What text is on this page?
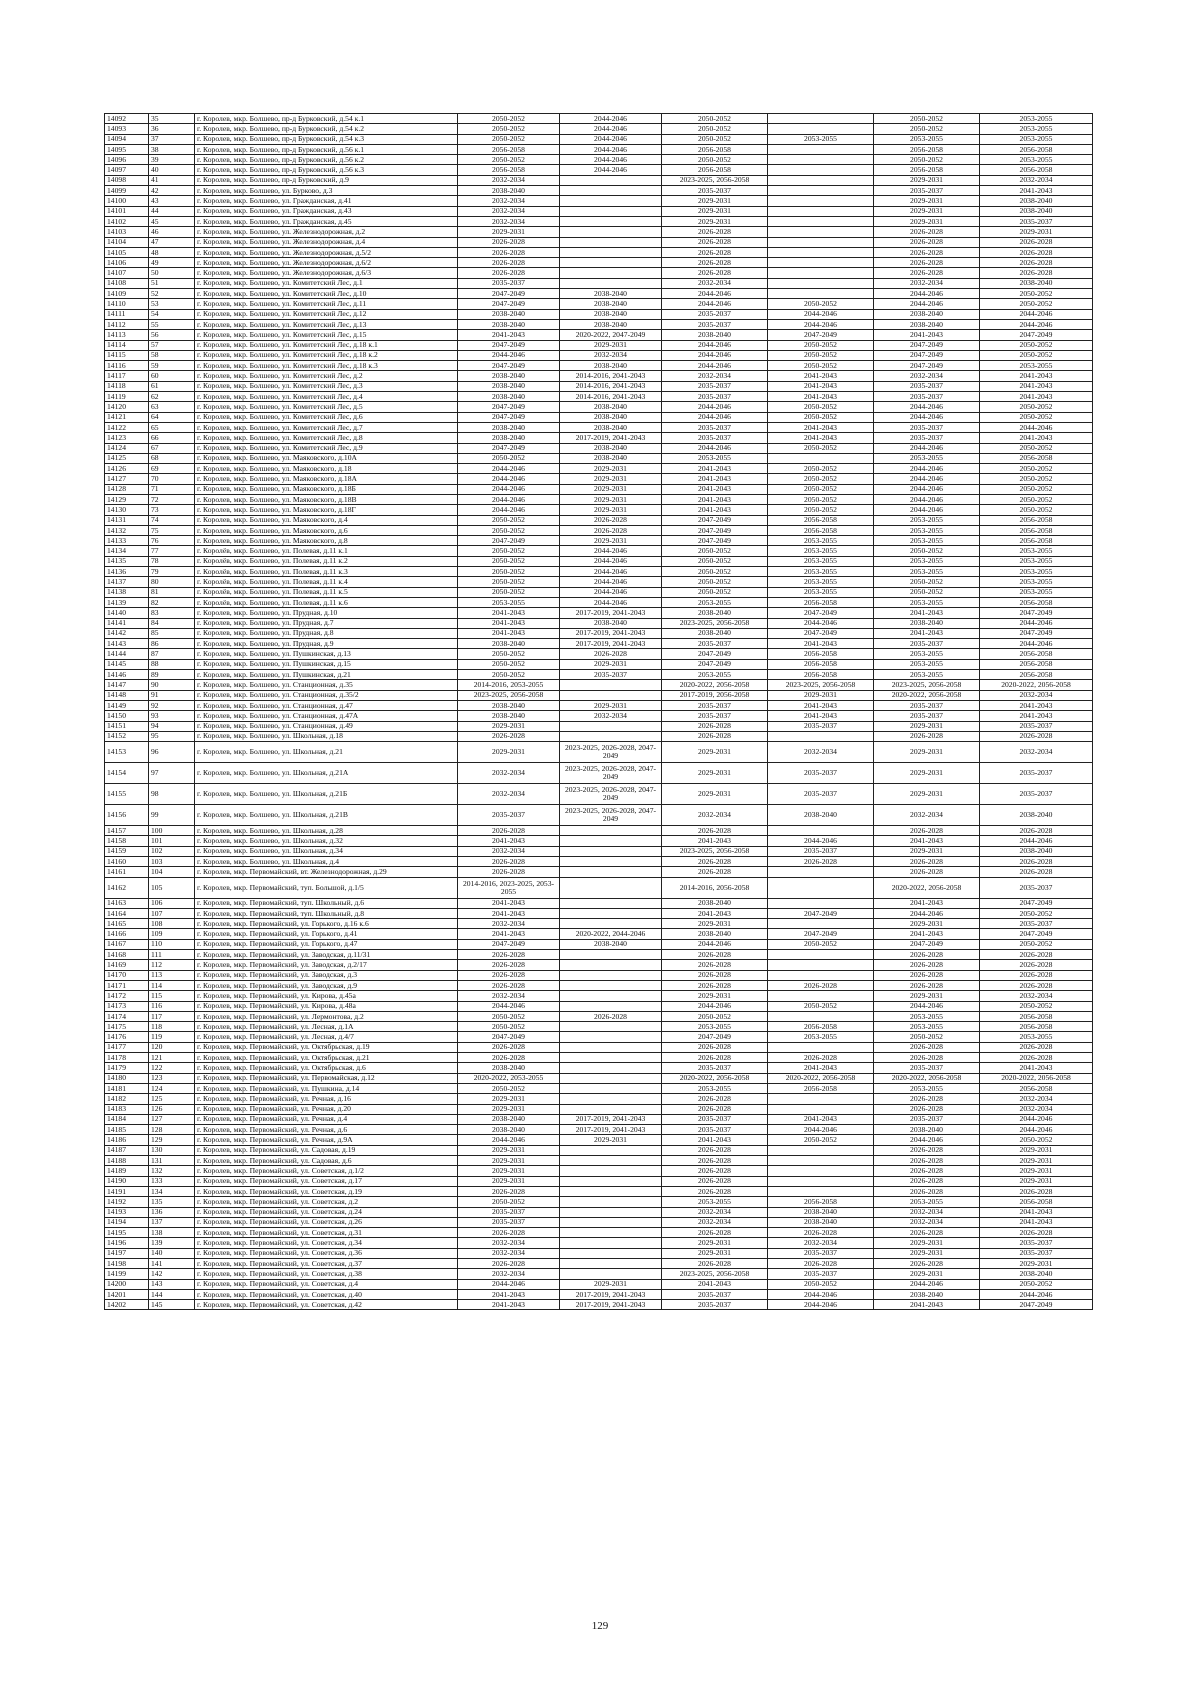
14092	35	г. Королев, мкр. Болшево, пр-д Бурковский, д.54 к.1	2050-2052	2044-2046	2050-2052		2050-2052	2053-2055
14093	36	г. Королев, мкр. Болшево, пр-д Бурковский, д.54 к.2	2050-2052	2044-2046	2050-2052		2050-2052	2053-2055
14094	37	г. Королев, мкр. Болшево, пр-д Бурковский, д.54 к.3	2050-2052	2044-2046	2050-2052	2053-2055	2053-2055	2053-2055
14095	38	г. Королев, мкр. Болшево, пр-д Бурковский, д.56 к.1	2056-2058	2044-2046	2056-2058		2056-2058	2056-2058
14096	39	г. Королев, мкр. Болшево, пр-д Бурковский, д.56 к.2	2050-2052	2044-2046	2050-2052		2050-2052	2053-2055
14097	40	г. Королев, мкр. Болшево, пр-д Бурковский, д.56 к.3	2056-2058	2044-2046	2056-2058		2056-2058	2056-2058
14098	41	г. Королев, мкр. Болшево, пр-д Бурковский, д.9	2032-2034		2023-2025, 2056-2058		2029-2031	2032-2034
14099	42	г. Королев, мкр. Болшево, ул. Бурково, д.3	2038-2040		2035-2037		2035-2037	2041-2043
14100	43	г. Королев, мкр. Болшево, ул. Гражданская, д.41	2032-2034		2029-2031		2029-2031	2038-2040
14101	44	г. Королев, мкр. Болшево, ул. Гражданская, д.43	2032-2034		2029-2031		2029-2031	2038-2040
14102	45	г. Королев, мкр. Болшево, ул. Гражданская, д.45	2032-2034		2029-2031		2029-2031	2035-2037
14103	46	г. Королев, мкр. Болшево, ул. Железнодорожная, д.2	2029-2031		2026-2028		2026-2028	2029-2031
14104	47	г. Королев, мкр. Болшево, ул. Железнодорожная, д.4	2026-2028		2026-2028		2026-2028	2026-2028
14105	48	г. Королев, мкр. Болшево, ул. Железнодорожная, д.5/2	2026-2028		2026-2028		2026-2028	2026-2028
14106	49	г. Королев, мкр. Болшево, ул. Железнодорожная, д.6/2	2026-2028		2026-2028		2026-2028	2026-2028
14107	50	г. Королев, мкр. Болшево, ул. Железнодорожная, д.6/3	2026-2028		2026-2028		2026-2028	2026-2028
14108	51	г. Королев, мкр. Болшево, ул. Комитетский Лес, д.1	2035-2037		2032-2034		2032-2034	2038-2040
14109	52	г. Королев, мкр. Болшево, ул. Комитетский Лес, д.10	2047-2049	2038-2040	2044-2046		2044-2046	2050-2052
14110	53	г. Королев, мкр. Болшево, ул. Комитетский Лес, д.11	2047-2049	2038-2040	2044-2046	2050-2052	2044-2046	2050-2052
14111	54	г. Королев, мкр. Болшево, ул. Комитетский Лес, д.12	2038-2040	2038-2040	2035-2037	2044-2046	2038-2040	2044-2046
14112	55	г. Королев, мкр. Болшево, ул. Комитетский Лес, д.13	2038-2040	2038-2040	2035-2037	2044-2046	2038-2040	2044-2046
14113	56	г. Королев, мкр. Болшево, ул. Комитетский Лес, д.15	2041-2043	2020-2022, 2047-2049	2038-2040	2047-2049	2041-2043	2047-2049
14114	57	г. Королев, мкр. Болшево, ул. Комитетский Лес, д.18 к.1	2047-2049	2029-2031	2044-2046	2050-2052	2047-2049	2050-2052
14115	58	г. Королев, мкр. Болшево, ул. Комитетский Лес, д.18 к.2	2044-2046	2032-2034	2044-2046	2050-2052	2047-2049	2050-2052
14116	59	г. Королев, мкр. Болшево, ул. Комитетский Лес, д.18 к.3	2047-2049	2038-2040	2044-2046	2050-2052	2047-2049	2053-2055
14117	60	г. Королев, мкр. Болшево, ул. Комитетский Лес, д.2	2038-2040	2014-2016, 2041-2043	2032-2034	2041-2043	2032-2034	2041-2043
14118	61	г. Королев, мкр. Болшево, ул. Комитетский Лес, д.3	2038-2040	2014-2016, 2041-2043	2035-2037	2041-2043	2035-2037	2041-2043
14119	62	г. Королев, мкр. Болшево, ул. Комитетский Лес, д.4	2038-2040	2014-2016, 2041-2043	2035-2037	2041-2043	2035-2037	2041-2043
14120	63	г. Королев, мкр. Болшево, ул. Комитетский Лес, д.5	2047-2049	2038-2040	2044-2046	2050-2052	2044-2046	2050-2052
14121	64	г. Королев, мкр. Болшево, ул. Комитетский Лес, д.6	2047-2049	2038-2040	2044-2046	2050-2052	2044-2046	2050-2052
14122	65	г. Королев, мкр. Болшево, ул. Комитетский Лес, д.7	2038-2040	2038-2040	2035-2037	2041-2043	2035-2037	2044-2046
14123	66	г. Королев, мкр. Болшево, ул. Комитетский Лес, д.8	2038-2040	2017-2019, 2041-2043	2035-2037	2041-2043	2035-2037	2041-2043
14124	67	г. Королев, мкр. Болшево, ул. Комитетский Лес, д.9	2047-2049	2038-2040	2044-2046	2050-2052	2044-2046	2050-2052
14125	68	г. Королев, мкр. Болшево, ул. Маяковского, д.10А	2050-2052	2038-2040	2053-2055		2053-2055	2056-2058
14126	69	г. Королев, мкр. Болшево, ул. Маяковского, д.18	2044-2046	2029-2031	2041-2043	2050-2052	2044-2046	2050-2052
14127	70	г. Королев, мкр. Болшево, ул. Маяковского, д.18А	2044-2046	2029-2031	2041-2043	2050-2052	2044-2046	2050-2052
14128	71	г. Королев, мкр. Болшево, ул. Маяковского, д.18Б	2044-2046	2029-2031	2041-2043	2050-2052	2044-2046	2050-2052
14129	72	г. Королев, мкр. Болшево, ул. Маяковского, д.18В	2044-2046	2029-2031	2041-2043	2050-2052	2044-2046	2050-2052
14130	73	г. Королев, мкр. Болшево, ул. Маяковского, д.18Г	2044-2046	2029-2031	2041-2043	2050-2052	2044-2046	2050-2052
14131	74	г. Королев, мкр. Болшево, ул. Маяковского, д.4	2050-2052	2026-2028	2047-2049	2056-2058	2053-2055	2056-2058
14132	75	г. Королев, мкр. Болшево, ул. Маяковского, д.6	2050-2052	2026-2028	2047-2049	2056-2058	2053-2055	2056-2058
14133	76	г. Королев, мкр. Болшево, ул. Маяковского, д.8	2047-2049	2029-2031	2047-2049	2053-2055	2053-2055	2056-2058
14134	77	г. Королёв, мкр. Болшево, ул. Полевая, д.11 к.1	2050-2052	2044-2046	2050-2052	2053-2055	2050-2052	2053-2055
14135	78	г. Королёв, мкр. Болшево, ул. Полевая, д.11 к.2	2050-2052	2044-2046	2050-2052	2053-2055	2053-2055	2053-2055
14136	79	г. Королёв, мкр. Болшево, ул. Полевая, д.11 к.3	2050-2052	2044-2046	2050-2052	2053-2055	2053-2055	2053-2055
14137	80	г. Королёв, мкр. Болшево, ул. Полевая, д.11 к.4	2050-2052	2044-2046	2050-2052	2053-2055	2050-2052	2053-2055
14138	81	г. Королёв, мкр. Болшево, ул. Полевая, д.11 к.5	2050-2052	2044-2046	2050-2052	2053-2055	2050-2052	2053-2055
14139	82	г. Королёв, мкр. Болшево, ул. Полевая, д.11 к.6	2053-2055	2044-2046	2053-2055	2056-2058	2053-2055	2056-2058
14140	83	г. Королев, мкр. Болшево, ул. Прудная, д.10	2041-2043	2017-2019, 2041-2043	2038-2040	2047-2049	2041-2043	2047-2049
14141	84	г. Королев, мкр. Болшево, ул. Прудная, д.7	2041-2043	2038-2040	2023-2025, 2056-2058	2044-2046	2038-2040	2044-2046
14142	85	г. Королев, мкр. Болшево, ул. Прудная, д.8	2041-2043	2017-2019, 2041-2043	2038-2040	2047-2049	2041-2043	2047-2049
14143	86	г. Королев, мкр. Болшево, ул. Прудная, д.9	2038-2040	2017-2019, 2041-2043	2035-2037	2041-2043	2035-2037	2044-2046
14144	87	г. Королев, мкр. Болшево, ул. Пушкинская, д.13	2050-2052	2026-2028	2047-2049	2056-2058	2053-2055	2056-2058
14145	88	г. Королев, мкр. Болшево, ул. Пушкинская, д.15	2050-2052	2029-2031	2047-2049	2056-2058	2053-2055	2056-2058
14146	89	г. Королев, мкр. Болшево, ул. Пушкинская, д.21	2050-2052	2035-2037	2053-2055	2056-2058	2053-2055	2056-2058
14147	90	г. Королев, мкр. Болшево, ул. Станционная, д.35	2014-2016, 2053-2055		2020-2022, 2056-2058	2023-2025, 2056-2058	2023-2025, 2056-2058	2020-2022, 2056-2058
14148	91	г. Королев, мкр. Болшево, ул. Станционная, д.35/2	2023-2025, 2056-2058		2017-2019, 2056-2058	2029-2031	2020-2022, 2056-2058	2032-2034
14149	92	г. Королев, мкр. Болшево, ул. Станционная, д.47	2038-2040	2029-2031	2035-2037	2041-2043	2035-2037	2041-2043
14150	93	г. Королев, мкр. Болшево, ул. Станционная, д.47А	2038-2040	2032-2034	2035-2037	2041-2043	2035-2037	2041-2043
14151	94	г. Королев, мкр. Болшево, ул. Станционная, д.49	2029-2031		2026-2028	2035-2037	2029-2031	2035-2037
14152	95	г. Королев, мкр. Болшево, ул. Школьная, д.18	2026-2028		2026-2028		2026-2028	2026-2028
14153	96	г. Королев, мкр. Болшево, ул. Школьная, д.21	2029-2031	2023-2025, 2026-2028, 2047-2049	2029-2031	2032-2034	2029-2031	2032-2034
14154	97	г. Королев, мкр. Болшево, ул. Школьная, д.21А	2032-2034	2023-2025, 2026-2028, 2047-2049	2029-2031	2035-2037	2029-2031	2035-2037
14155	98	г. Королев, мкр. Болшево, ул. Школьная, д.21Б	2032-2034	2023-2025, 2026-2028, 2047-2049	2029-2031	2035-2037	2029-2031	2035-2037
14156	99	г. Королев, мкр. Болшево, ул. Школьная, д.21В	2035-2037	2023-2025, 2026-2028, 2047-2049	2032-2034	2038-2040	2032-2034	2038-2040
14157	100	г. Королев, мкр. Болшево, ул. Школьная, д.28	2026-2028		2026-2028		2026-2028	2026-2028
14158	101	г. Королев, мкр. Болшево, ул. Школьная, д.32	2041-2043		2041-2043	2044-2046	2041-2043	2044-2046
14159	102	г. Королев, мкр. Болшево, ул. Школьная, д.34	2032-2034		2023-2025, 2056-2058	2035-2037	2029-2031	2038-2040
14160	103	г. Королев, мкр. Болшево, ул. Школьная, д.4	2026-2028		2026-2028	2026-2028	2026-2028	2026-2028
14161	104	г. Королев, мкр. Первомайский, вт. Железнодорожная, д.29	2026-2028		2026-2028		2026-2028	2026-2028
14162	105	г. Королев, мкр. Первомайский, туп. Большой, д.1/5	2014-2016, 2023-2025, 2053-2055		2014-2016, 2056-2058		2020-2022, 2056-2058	2035-2037
14163	106	г. Королев, мкр. Первомайский, туп. Школьный, д.6	2041-2043		2038-2040		2041-2043	2047-2049
14164	107	г. Королев, мкр. Первомайский, туп. Школьный, д.8	2041-2043		2041-2043	2047-2049	2044-2046	2050-2052
14165	108	г. Королев, мкр. Первомайский, ул. Горького, д.16 к.6	2032-2034		2029-2031		2029-2031	2035-2037
14166	109	г. Королев, мкр. Первомайский, ул. Горького, д.41	2041-2043	2020-2022, 2044-2046	2038-2040	2047-2049	2041-2043	2047-2049
14167	110	г. Королев, мкр. Первомайский, ул. Горького, д.47	2047-2049	2038-2040	2044-2046	2050-2052	2047-2049	2050-2052
14168	111	г. Королев, мкр. Первомайский, ул. Заводская, д.11/31	2026-2028		2026-2028		2026-2028	2026-2028
14169	112	г. Королев, мкр. Первомайский, ул. Заводская, д.2/17	2026-2028		2026-2028		2026-2028	2026-2028
14170	113	г. Королев, мкр. Первомайский, ул. Заводская, д.3	2026-2028		2026-2028		2026-2028	2026-2028
14171	114	г. Королев, мкр. Первомайский, ул. Заводская, д.9	2026-2028		2026-2028	2026-2028	2026-2028	2026-2028
14172	115	г. Королев, мкр. Первомайский, ул. Кирова, д.45а	2032-2034		2029-2031		2029-2031	2032-2034
14173	116	г. Королев, мкр. Первомайский, ул. Кирова, д.48а	2044-2046		2044-2046	2050-2052	2044-2046	2050-2052
14174	117	г. Королев, мкр. Первомайский, ул. Лермонтова, д.2	2050-2052	2026-2028	2050-2052		2053-2055	2056-2058
14175	118	г. Королев, мкр. Первомайский, ул. Лесная, д.1А	2050-2052		2053-2055	2056-2058	2053-2055	2056-2058
14176	119	г. Королев, мкр. Первомайский, ул. Лесная, д.4/7	2047-2049		2047-2049	2053-2055	2050-2052	2053-2055
14177	120	г. Королев, мкр. Первомайский, ул. Октябрьская, д.19	2026-2028		2026-2028		2026-2028	2026-2028
14178	121	г. Королев, мкр. Первомайский, ул. Октябрьская, д.21	2026-2028		2026-2028	2026-2028	2026-2028	2026-2028
14179	122	г. Королев, мкр. Первомайский, ул. Октябрьская, д.6	2038-2040		2035-2037	2041-2043	2035-2037	2041-2043
14180	123	г. Королев, мкр. Первомайский, ул. Первомайская, д.12	2020-2022, 2053-2055		2020-2022, 2056-2058	2020-2022, 2056-2058	2020-2022, 2056-2058	2020-2022, 2056-2058
14181	124	г. Королев, мкр. Первомайский, ул. Пушкина, д.14	2050-2052		2053-2055	2056-2058	2053-2055	2056-2058
14182	125	г. Королев, мкр. Первомайский, ул. Речная, д.16	2029-2031		2026-2028		2026-2028	2032-2034
14183	126	г. Королев, мкр. Первомайский, ул. Речная, д.20	2029-2031		2026-2028		2026-2028	2032-2034
14184	127	г. Королев, мкр. Первомайский, ул. Речная, д.4	2038-2040	2017-2019, 2041-2043	2035-2037	2041-2043	2035-2037	2044-2046
14185	128	г. Королев, мкр. Первомайский, ул. Речная, д.6	2038-2040	2017-2019, 2041-2043	2035-2037	2044-2046	2038-2040	2044-2046
14186	129	г. Королев, мкр. Первомайский, ул. Речная, д.9А	2044-2046	2029-2031	2041-2043	2050-2052	2044-2046	2050-2052
14187	130	г. Королев, мкр. Первомайский, ул. Садовая, д.19	2029-2031		2026-2028		2026-2028	2029-2031
14188	131	г. Королев, мкр. Первомайский, ул. Садовая, д.6	2029-2031		2026-2028		2026-2028	2029-2031
14189	132	г. Королев, мкр. Первомайский, ул. Советская, д.1/2	2029-2031		2026-2028		2026-2028	2029-2031
14190	133	г. Королев, мкр. Первомайский, ул. Советская, д.17	2029-2031		2026-2028		2026-2028	2029-2031
14191	134	г. Королев, мкр. Первомайский, ул. Советская, д.19	2026-2028		2026-2028		2026-2028	2026-2028
14192	135	г. Королев, мкр. Первомайский, ул. Советская, д.2	2050-2052		2053-2055	2056-2058	2053-2055	2056-2058
14193	136	г. Королев, мкр. Первомайский, ул. Советская, д.24	2035-2037		2032-2034	2038-2040	2032-2034	2041-2043
14194	137	г. Королев, мкр. Первомайский, ул. Советская, д.26	2035-2037		2032-2034	2038-2040	2032-2034	2041-2043
14195	138	г. Королев, мкр. Первомайский, ул. Советская, д.31	2026-2028		2026-2028	2026-2028	2026-2028	2026-2028
14196	139	г. Королев, мкр. Первомайский, ул. Советская, д.34	2032-2034		2029-2031	2032-2034	2029-2031	2035-2037
14197	140	г. Королев, мкр. Первомайский, ул. Советская, д.36	2032-2034		2029-2031	2035-2037	2029-2031	2035-2037
14198	141	г. Королев, мкр. Первомайский, ул. Советская, д.37	2026-2028		2026-2028	2026-2028	2026-2028	2029-2031
14199	142	г. Королев, мкр. Первомайский, ул. Советская, д.38	2032-2034		2023-2025, 2056-2058	2035-2037	2029-2031	2038-2040
14200	143	г. Королев, мкр. Первомайский, ул. Советская, д.4	2044-2046	2029-2031	2041-2043	2050-2052	2044-2046	2050-2052
14201	144	г. Королев, мкр. Первомайский, ул. Советская, д.40	2041-2043	2017-2019, 2041-2043	2035-2037	2044-2046	2038-2040	2044-2046
14202	145	г. Королев, мкр. Первомайский, ул. Советская, д.42	2041-2043	2017-2019, 2041-2043	2035-2037	2044-2046	2041-2043	2047-2049
129
